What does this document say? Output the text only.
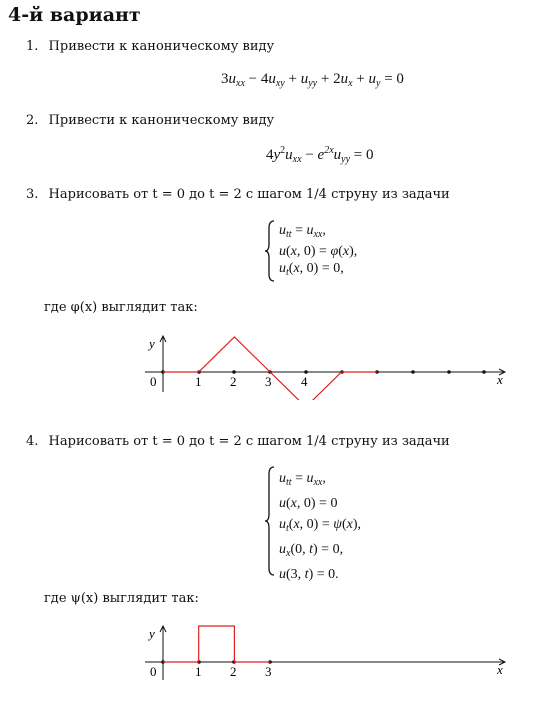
4-й вариант
1. Привести к каноническому виду
$3u_{xx} - 4u_{xy} + u_{yy} + 2u_x + u_y = 0$
2. Привести к каноническому виду
$4y^2u_{xx} - e^{2x}u_{yy} = 0$
3. Нарисовать от t = 0 до t = 2 с шагом 1/4 струну из задачи
$u_{tt} = u_{xx}$,
u(x, 0) = φ(x),
$u_t(x$, 0) = 0,
где φ(x) выглядит так:
x
y
0	1 2 3 4
4. Нарисовать от t = 0 до t = 2 с шагом 1/4 струну из задачи
$u_{tt} = u_{xx}$,
u(x, 0) = 0
$u_t(x$, 0) = ψ(x),
$u_x(0$, t) = 0,
u(3, t) = 0.
где ψ(x) выглядит так:
x
y
0	1 2 3
